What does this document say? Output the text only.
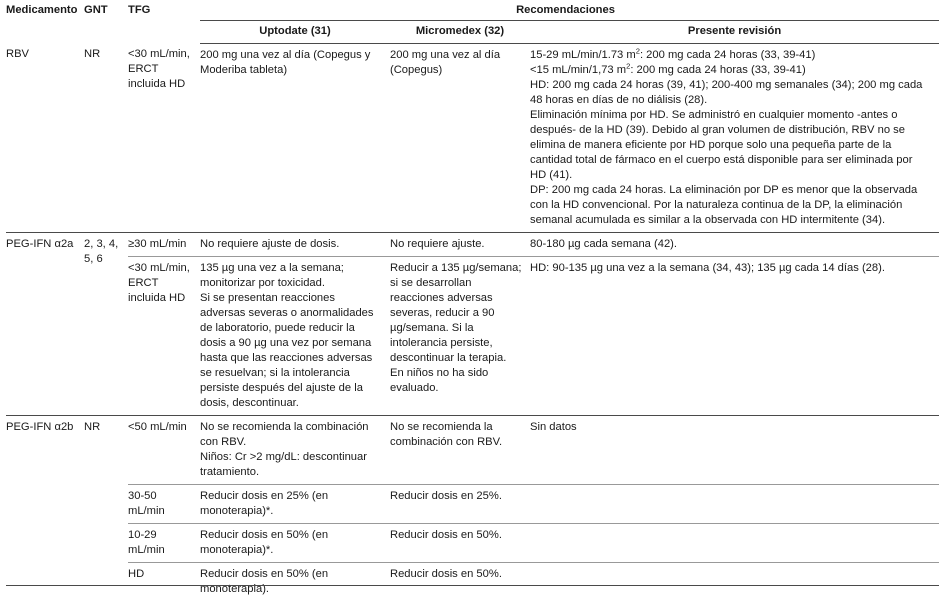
Medicamento	GNT	TFG	Recomendaciones		
			Uptodate (31)	Micromedex (32)	Presente revisión
RBV	NR	<30 mL/min, ERCT incluida HD	200 mg una vez al día (Copegus y Moderiba tableta)	200 mg una vez al día (Copegus)	15-29 mL/min/1.73 $m^2$: 200 mg cada 24 horas (33, 39-41)
<15 mL/min/1,73 $m^2$: 200 mg cada 24 horas (33, 39-41)
HD: 200 mg cada 24 horas (39, 41); 200-400 mg semanales (34); 200 mg cada 48 horas en días de no diálisis (28).
Eliminación mínima por HD. Se administró en cualquier momento -antes o después- de la HD (39). Debido al gran volumen de distribución, RBV no se elimina de manera eficiente por HD porque solo una pequeña parte de la cantidad total de fármaco en el cuerpo está disponible para ser eliminada por HD (41).
DP: 200 mg cada 24 horas. La eliminación por DP es menor que la observada con la HD convencional. Por la naturaleza continua de la DP, la eliminación semanal acumulada es similar a la observada con HD intermitente (34).

PEG-IFN α2a	2, 3, 4, 5, 6	≥30 mL/min	No requiere ajuste de dosis.	No requiere ajuste.	80-180 µg cada semana (42).

		<30 mL/min, ERCT incluida HD	135 µg una vez a la semana; monitorizar por toxicidad.
Si se presentan reacciones adversas severas o anormalidades de laboratorio, puede reducir la dosis a 90 µg una vez por semana hasta que las reacciones adversas se resuelvan; si la intolerancia persiste después del ajuste de la dosis, descontinuar.	Reducir a 135 µg/semana; si se desarrollan reacciones adversas severas, reducir a 90 µg/semana. Si la intolerancia persiste, descontinuar la terapia. En niños no ha sido evaluado.	HD: 90-135 µg una vez a la semana (34, 43); 135 µg cada 14 días (28).

PEG-IFN α2b	NR	<50 mL/min	No se recomienda la combinación con RBV.
Niños: Cr >2 mg/dL: descontinuar tratamiento.	No se recomienda la combinación con RBV.	Sin datos

		30-50 mL/min	Reducir dosis en 25% (en monoterapia)*.	Reducir dosis en 25%.	

		10-29 mL/min	Reducir dosis en 50% (en monoterapia)*.	Reducir dosis en 50%.	

		HD	Reducir dosis en 50% (en monoterapia).	Reducir dosis en 50%.	
